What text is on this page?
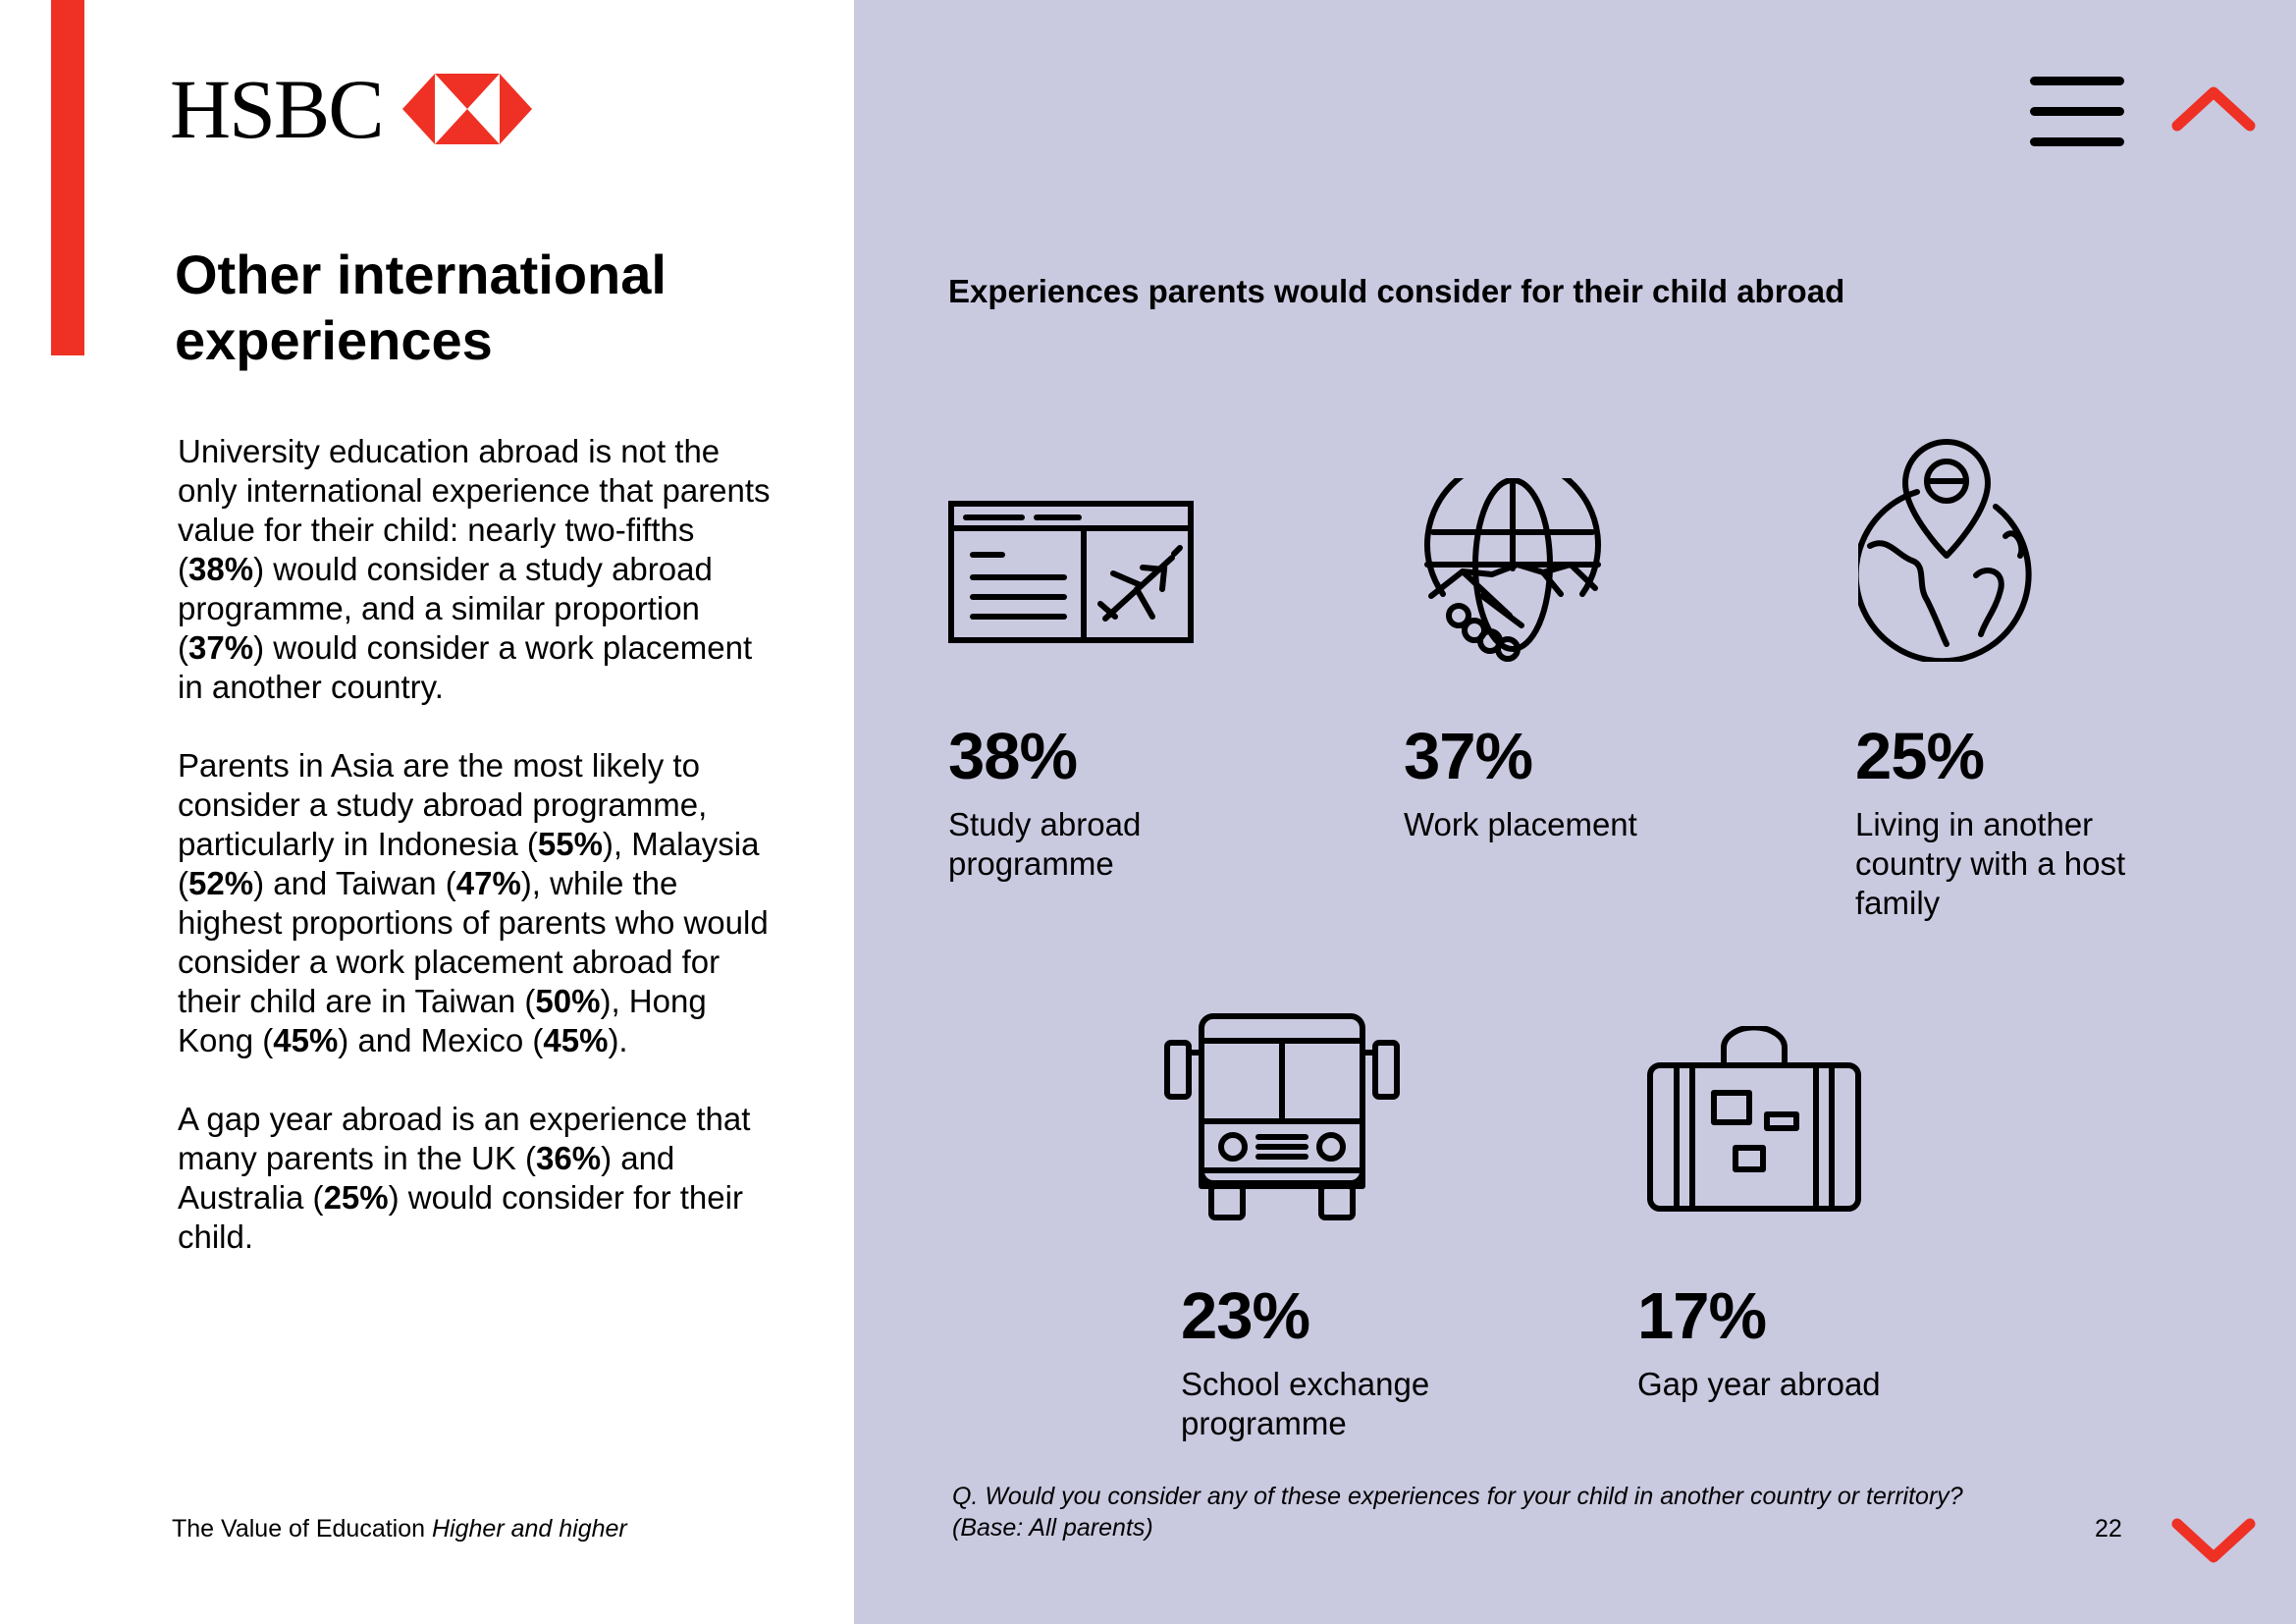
HSBC
Other international experiences

University education abroad is not the only international experience that parents value for their child: nearly two-fifths (38%) would consider a study abroad programme, and a similar proportion (37%) would consider a work placement in another country.

Parents in Asia are the most likely to consider a study abroad programme, particularly in Indonesia (55%), Malaysia (52%) and Taiwan (47%), while the highest proportions of parents who would consider a work placement abroad for their child are in Taiwan (50%), Hong Kong (45%) and Mexico (45%).

A gap year abroad is an experience that many parents in the UK (36%) and Australia (25%) would consider for their child.

The Value of Education Higher and higher
Experiences parents would consider for their child abroad
38%
Study abroad programme
37%
Work placement
25%
Living in another country with a host family
23%
School exchange programme
17%
Gap year abroad
Q. Would you consider any of these experiences for your child in another country or territory?
(Base: All parents)	22
